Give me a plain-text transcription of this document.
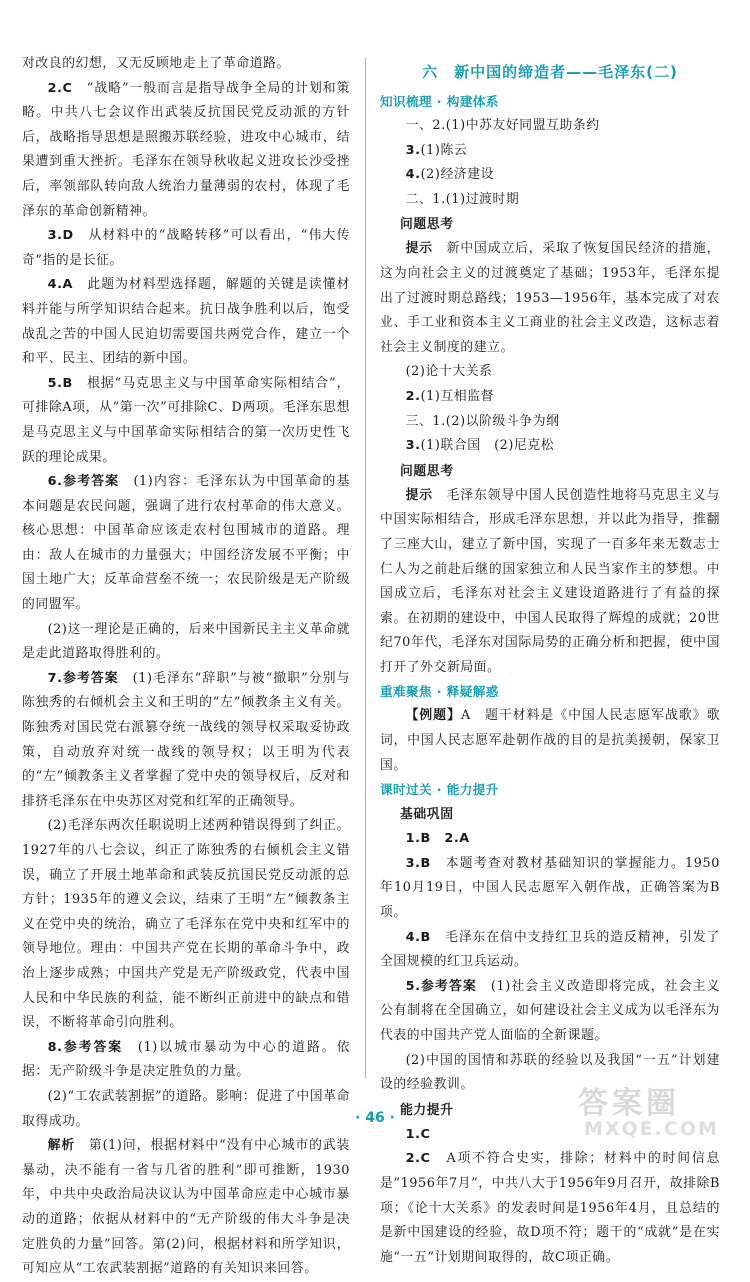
对改良的幻想，又无反顾地走上了革命道路。

2.C　 “战略”一般而言是指导战争全局的计划和策略。中共八七会议作出武装反抗国民党反动派的方针后，战略指导思想是照搬苏联经验，进攻中心城市，结果遭到重大挫折。毛泽东在领导秋收起义进攻长沙受挫后，率领部队转向敌人统治力量薄弱的农村，体现了毛泽东的革命创新精神。

3.D　 从材料中的“战略转移”可以看出，“伟大传奇”指的是长征。

4.A　 此题为材料型选择题，解题的关键是读懂材料并能与所学知识结合起来。抗日战争胜利以后，饱受战乱之苦的中国人民迫切需要国共两党合作，建立一个和平、民主、团结的新中国。

5.B　 根据“马克思主义与中国革命实际相结合”，可排除A项，从“第一次”可排除C、D两项。毛泽东思想是马克思主义与中国革命实际相结合的第一次历史性飞跃的理论成果。

6.参考答案　 (1)内容：毛泽东认为中国革命的基本问题是农民问题，强调了进行农村革命的伟大意义。核心思想：中国革命应该走农村包围城市的道路。理由：敌人在城市的力量强大；中国经济发展不平衡；中国土地广大；反革命营垒不统一；农民阶级是无产阶级的同盟军。

(2)这一理论是正确的，后来中国新民主主义革命就是走此道路取得胜利的。

7.参考答案　 (1)毛泽东“辞职”与被“撤职”分别与陈独秀的右倾机会主义和王明的“左”倾教条主义有关。陈独秀对国民党右派篡夺统一战线的领导权采取妥协政策，自动放弃对统一战线的领导权；以王明为代表的“左”倾教条主义者掌握了党中央的领导权后，反对和排挤毛泽东在中央苏区对党和红军的正确领导。

(2)毛泽东两次任职说明上述两种错误得到了纠正。1927年的八七会议，纠正了陈独秀的右倾机会主义错误，确立了开展土地革命和武装反抗国民党反动派的总方针；1935年的遵义会议，结束了王明“左”倾教条主义在党中央的统治，确立了毛泽东在党中央和红军中的领导地位。理由：中国共产党在长期的革命斗争中，政治上逐步成熟；中国共产党是无产阶级政党，代表中国人民和中华民族的利益，能不断纠正前进中的缺点和错误，不断将革命引向胜利。

8.参考答案　 (1)以城市暴动为中心的道路。依据：无产阶级斗争是决定胜负的力量。

(2)“工农武装割据”的道路。影响：促进了中国革命取得成功。

解析　 第(1)问，根据材料中“没有中心城市的武装暴动，决不能有一省与几省的胜利”即可推断，1930年，中共中央政治局决议认为中国革命应走中心城市暴动的道路；依据从材料中的“无产阶级的伟大斗争是决定胜负的力量”回答。第(2)问，根据材料和所学知识，可知应从“工农武装割据”道路的有关知识来回答。

六　新中国的缔造者——毛泽东(二)

知识梳理 · 构建体系

一、2.(1)中苏友好同盟互助条约

3.(1)陈云

4.(2)经济建设

二、1.(1)过渡时期

问题思考

提示　 新中国成立后，采取了恢复国民经济的措施，这为向社会主义的过渡奠定了基础；1953年，毛泽东提出了过渡时期总路线；1953—1956年，基本完成了对农业、手工业和资本主义工商业的社会主义改造，这标志着社会主义制度的建立。

(2)论十大关系

2.(1)互相监督

三、1.(2)以阶级斗争为纲

3.(1)联合国　(2)尼克松

问题思考

提示　 毛泽东领导中国人民创造性地将马克思主义与中国实际相结合，形成毛泽东思想，并以此为指导，推翻了三座大山，建立了新中国，实现了一百多年来无数志士仁人为之前赴后继的国家独立和人民当家作主的梦想。中国成立后，毛泽东对社会主义建设道路进行了有益的探索。在初期的建设中，中国人民取得了辉煌的成就；20世纪70年代，毛泽东对国际局势的正确分析和把握，使中国打开了外交新局面。

重难聚焦 · 释疑解惑

【例题】A　题干材料是《中国人民志愿军战歌》歌词，中国人民志愿军赴朝作战的目的是抗美援朝，保家卫国。

课时过关 · 能力提升

基础巩固

1.B　 2.A

3.B　 本题考查对教材基础知识的掌握能力。1950年10月19日，中国人民志愿军入朝作战，正确答案为B项。

4.B　 毛泽东在信中支持红卫兵的造反精神，引发了全国规模的红卫兵运动。

5.参考答案　 (1)社会主义改造即将完成，社会主义公有制将在全国确立，如何建设社会主义成为以毛泽东为代表的中国共产党人面临的全新课题。

(2)中国的国情和苏联的经验以及我国“一五”计划建设的经验教训。

能力提升

1.C

2.C　 A项不符合史实，排除；材料中的时间信息是“1956年7月”，中共八大于1956年9月召开，故排除B项；《论十大关系》的发表时间是1956年4月，且总结的是新中国建设的经验，故D项不符；题干的“成就”是在实施“一五”计划期间取得的，故C项正确。

· 46 ·	答案圈
MXQE.COM
